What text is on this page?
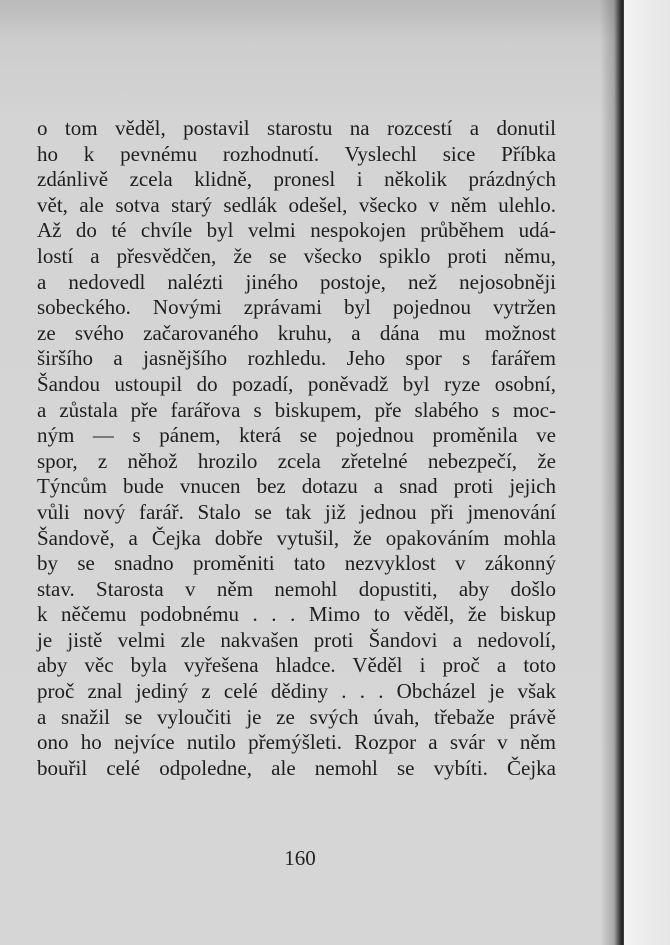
o tom věděl, postavil starostu na rozcestí a donutil
ho k pevnému rozhodnutí. Vyslechl sice Příbka
zdánlivě zcela klidně, pronesl i několik prázdných
vět, ale sotva starý sedlák odešel, všecko v něm ulehlo.
Až do té chvíle byl velmi nespokojen průběhem udá-
lostí a přesvědčen, že se všecko spiklo proti němu,
a nedovedl nalézti jiného postoje, než nejosobněji
sobeckého. Novými zprávami byl pojednou vytržen
ze svého začarovaného kruhu, a dána mu možnost
širšího a jasnějšího rozhledu. Jeho spor s farářem
Šandou ustoupil do pozadí, poněvadž byl ryze osobní,
a zůstala pře farářova s biskupem, pře slabého s moc-
ným — s pánem, která se pojednou proměnila ve
spor, z něhož hrozilo zcela zřetelné nebezpečí, že
Týncům bude vnucen bez dotazu a snad proti jejich
vůli nový farář. Stalo se tak již jednou při jmenování
Šandově, a Čejka dobře vytušil, že opakováním mohla
by se snadno proměniti tato nezvyklost v zákonný
stav. Starosta v něm nemohl dopustiti, aby došlo
k něčemu podobnému . . . Mimo to věděl, že biskup
je jistě velmi zle nakvašen proti Šandovi a nedovolí,
aby věc byla vyřešena hladce. Věděl i proč a toto
proč znal jediný z celé dědiny . . . Obcházel je však
a snažil se vyloučiti je ze svých úvah, třebaže právě
ono ho nejvíce nutilo přemýšleti. Rozpor a svár v něm
bouřil celé odpoledne, ale nemohl se vybíti. Čejka
160
